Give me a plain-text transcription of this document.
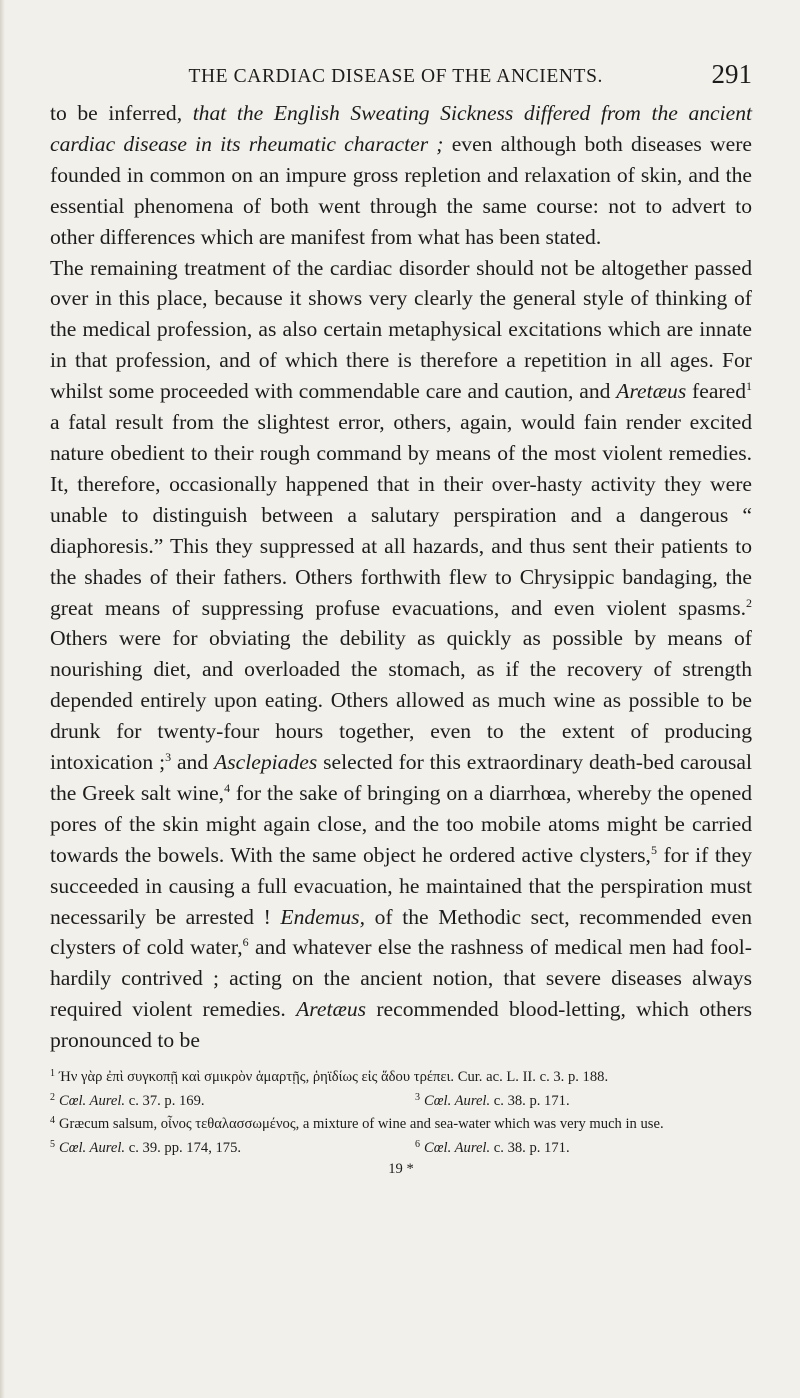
THE CARDIAC DISEASE OF THE ANCIENTS.	291

to be inferred, that the English Sweating Sickness differed from the ancient cardiac disease in its rheumatic character ; even although both diseases were founded in common on an impure gross repletion and relaxation of skin, and the essential phenomena of both went through the same course: not to advert to other differences which are manifest from what has been stated.

The remaining treatment of the cardiac disorder should not be altogether passed over in this place, because it shows very clearly the general style of thinking of the medical profession, as also certain metaphysical excitations which are innate in that profession, and of which there is therefore a repetition in all ages. For whilst some proceeded with commendable care and caution, and Aretæus feared$^1$ a fatal result from the slightest error, others, again, would fain render excited nature obedient to their rough command by means of the most violent remedies. It, therefore, occasionally happened that in their over-hasty activity they were unable to distinguish between a salutary perspiration and a dangerous “ diaphoresis.” This they suppressed at all hazards, and thus sent their patients to the shades of their fathers. Others forthwith flew to Chrysippic bandaging, the great means of suppressing profuse evacuations, and even violent spasms.$^2$ Others were for obviating the debility as quickly as possible by means of nourishing diet, and overloaded the stomach, as if the recovery of strength depended entirely upon eating. Others allowed as much wine as possible to be drunk for twenty-four hours together, even to the extent of producing intoxication ;$^3$ and Asclepiades selected for this extraordinary death-bed carousal the Greek salt wine,$^4$ for the sake of bringing on a diarrhœa, whereby the opened pores of the skin might again close, and the too mobile atoms might be carried towards the bowels. With the same object he ordered active clysters,$^5$ for if they succeeded in causing a full evacuation, he maintained that the perspiration must necessarily be arrested ! Endemus, of the Methodic sect, recommended even clysters of cold water,$^6$ and whatever else the rashness of medical men had fool-hardily contrived ; acting on the ancient notion, that severe diseases always required violent remedies. Aretæus recommended blood-letting, which others pronounced to be

$^1$ Ήν γὰρ ἐπὶ συγκοπῇ καὶ σμικρὸν ἁμαρτῇς, ῥηϊδίως εἰς ἅδου τρέπει. Cur. ac. L. II. c. 3. p. 188.
$^2$ Cœl. Aurel. c. 37. p. 169.	$^3$ Cœl. Aurel. c. 38. p. 171.
$^4$ Græcum salsum, οἶνος τεθαλασσωμένος, a mixture of wine and sea-water which was very much in use.
$^5$ Cœl. Aurel. c. 39. pp. 174, 175.	$^6$ Cœl. Aurel. c. 38. p. 171.
19 *
